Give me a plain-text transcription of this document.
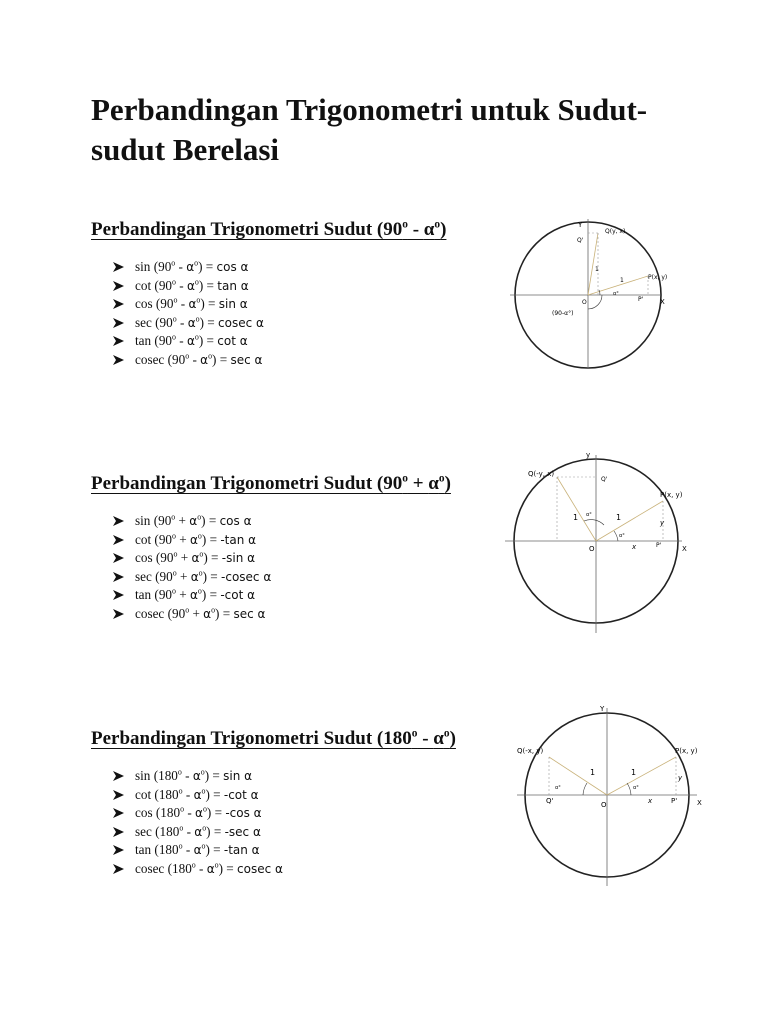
Perbandingan Trigonometri untuk Sudut-sudut Berelasi

Perbandingan Trigonometri Sudut $(90^o - \alpha^o)$

$\sin (90^o - \alpha^o) = \cos \alpha$
$\cot (90^o - \alpha^o) = \tan \alpha$
$\cos (90^o - \alpha^o) = \sin \alpha$
$\sec (90^o - \alpha^o) = cosec$ α
$\tan (90^o - \alpha^o) = \cot \alpha$
cosec $(90^o - \alpha^o) = \sec \alpha$
Y
X
O
Q(y, x)
P(x, y)
Q'
P'
1
1
α°
(90-α°)

Perbandingan Trigonometri Sudut $(90^o + \alpha^o)$

$\sin (90^o + \alpha^o) = \cos \alpha$
$\cot (90^o + \alpha^o) = -\tan$ α
$\cos (90^o + \alpha^o) = -\sin$ α
$\sec (90^o + \alpha^o) = -cosec$ α
$\tan (90^o + \alpha^o) = -\cot$ α
cosec $(90^o + \alpha^o) = \sec \alpha$
y
X
O
Q(-y, x)
P(x, y)
Q'
P'
1	1
α°
α°
x
y

Perbandingan Trigonometri Sudut $(180^o - \alpha^o)$

$\sin (180^o - \alpha^o) = \sin \alpha$
$\cot (180^o - \alpha^o) = -\cot$ α
$\cos (180^o - \alpha^o) = -\cos$ α
$\sec (180^o - \alpha^o) = -\sec$ α
$\tan (180^o - \alpha^o) = -\tan$ α
cosec $(180^o - \alpha^o) = cosec$ α
Y
X
O
Q(-x, y)	P(x, y)
Q'	P'
1	1
α°	α°
x
y
